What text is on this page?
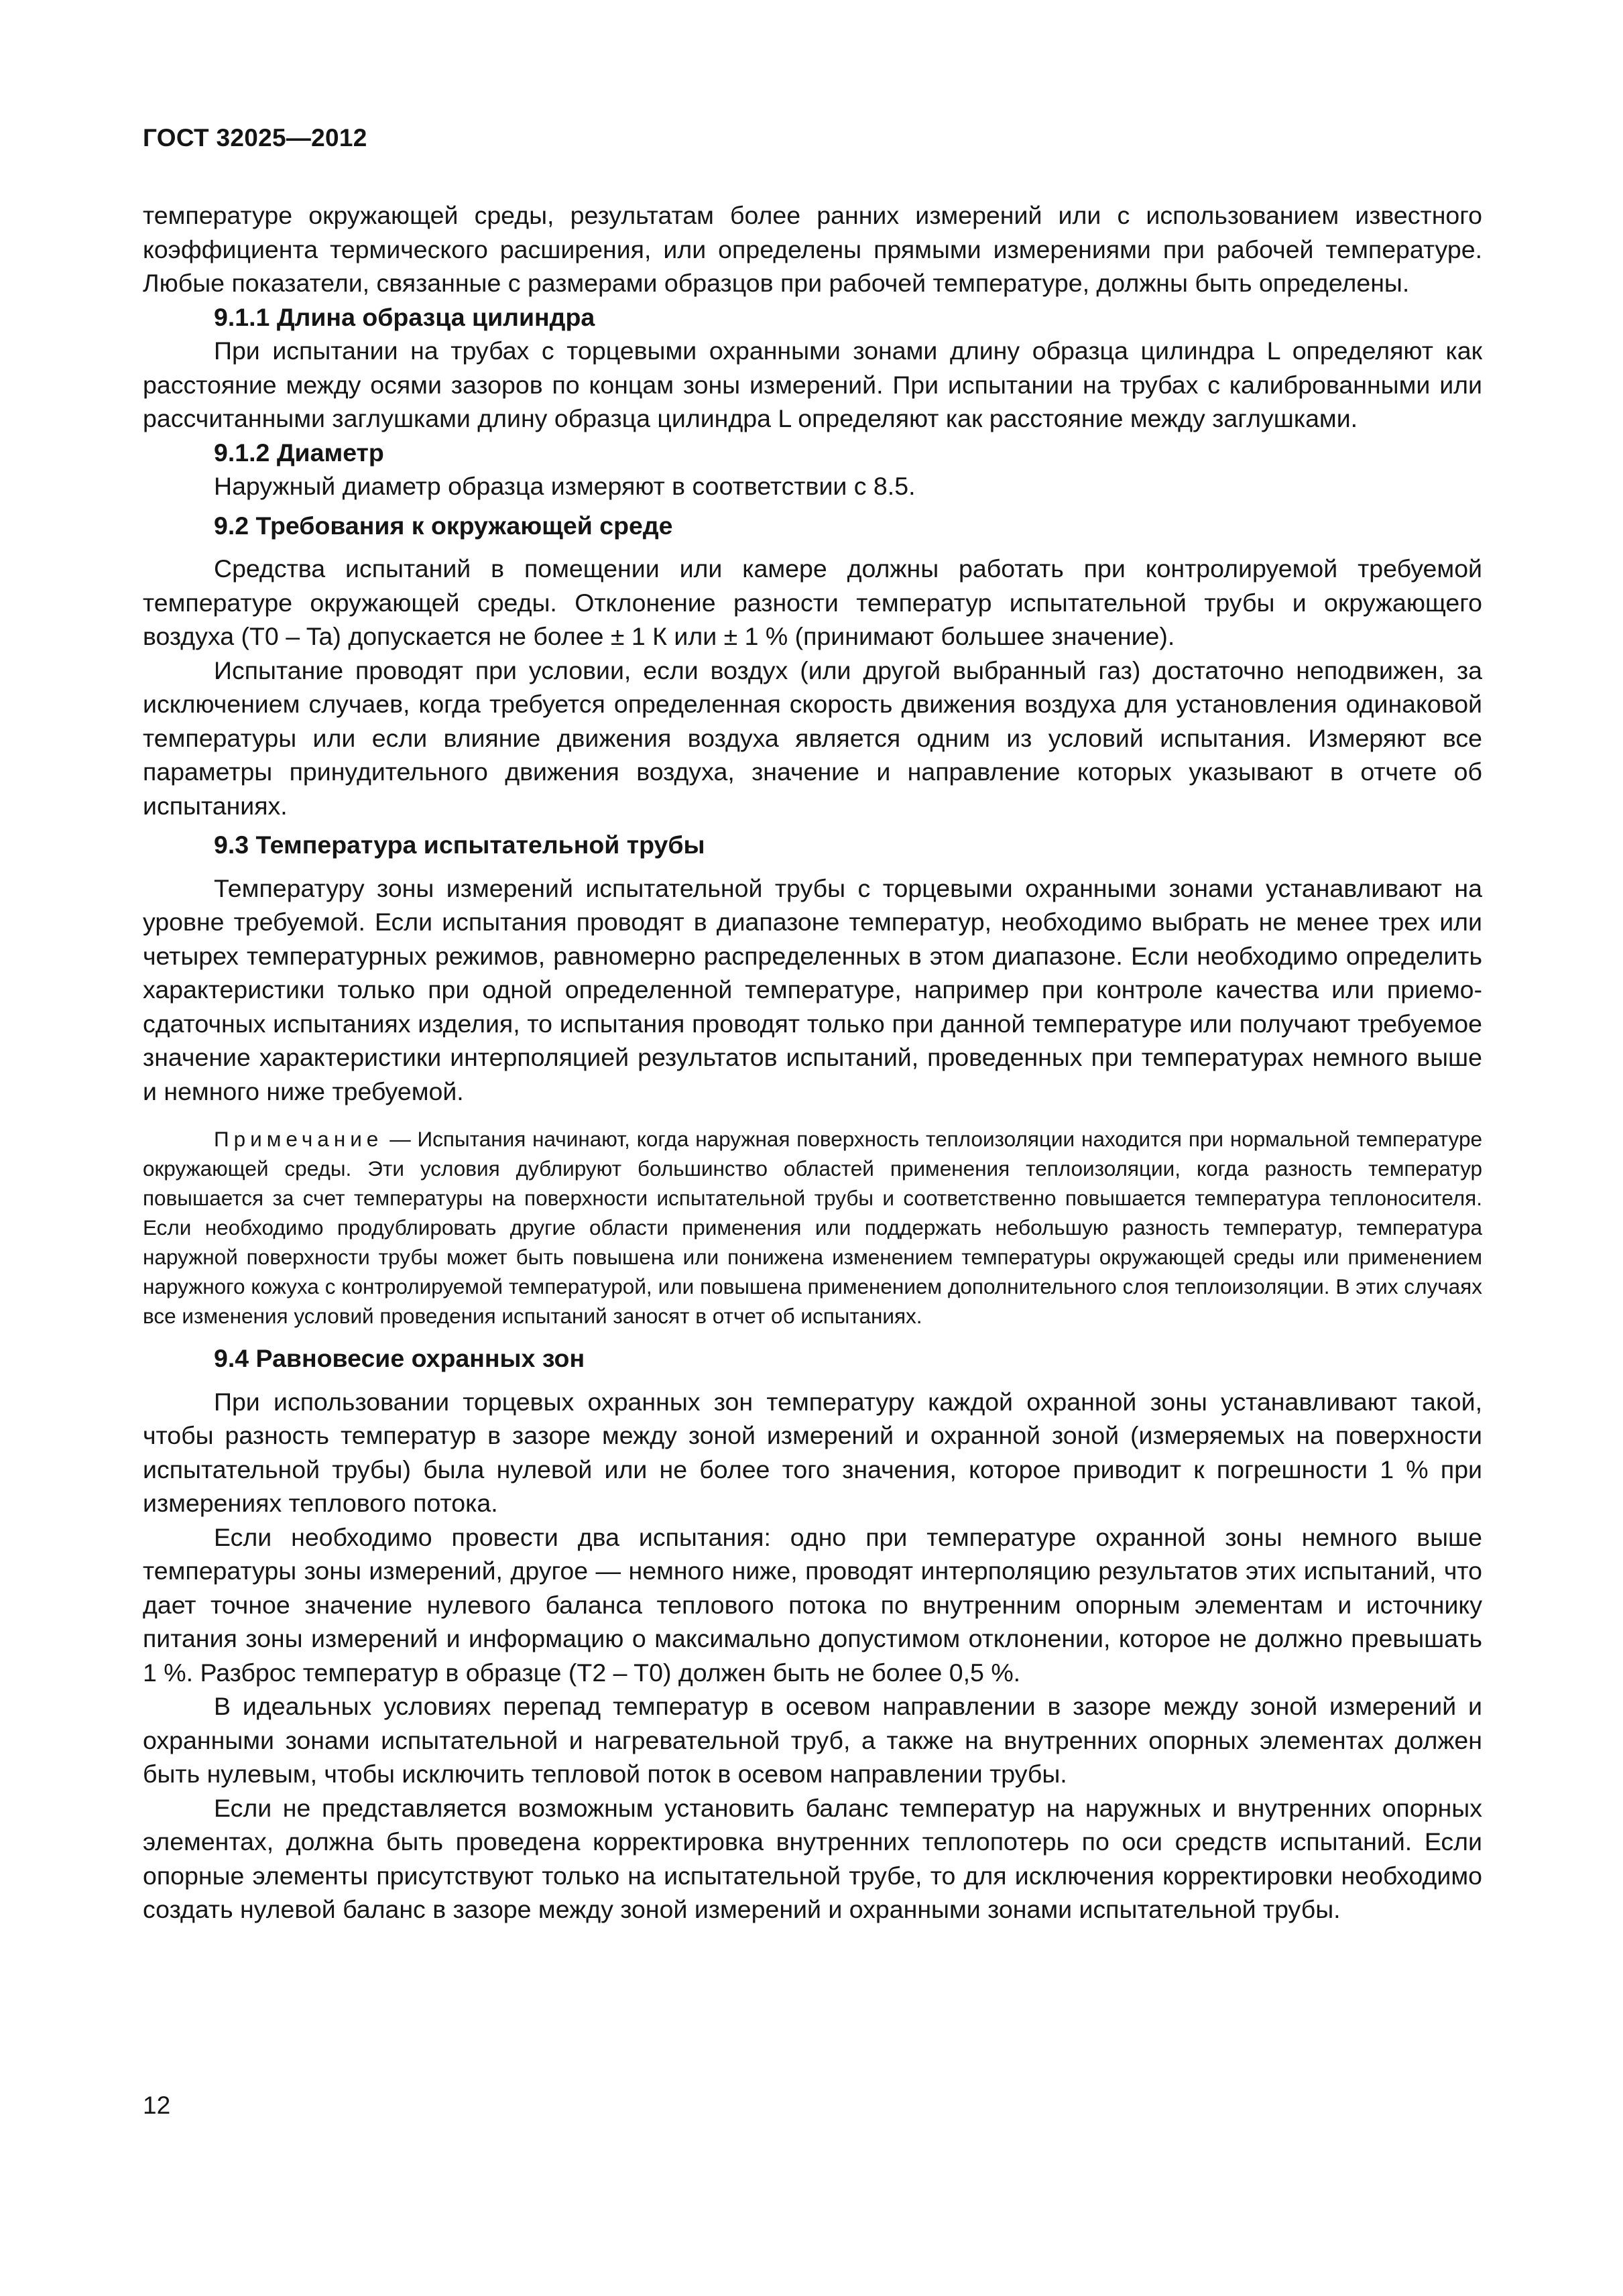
ГОСТ 32025—2012

температуре окружающей среды, результатам более ранних измерений или с использованием известного коэффициента термического расширения, или определены прямыми измерениями при рабочей температуре. Любые показатели, связанные с размерами образцов при рабочей температуре, должны быть определены.

9.1.1 Длина образца цилиндра

При испытании на трубах с торцевыми охранными зонами длину образца цилиндра L определяют как расстояние между осями зазоров по концам зоны измерений. При испытании на трубах с калиброванными или рассчитанными заглушками длину образца цилиндра L определяют как расстояние между заглушками.

9.1.2 Диаметр

Наружный диаметр образца измеряют в соответствии с 8.5.

9.2 Требования к окружающей среде

Средства испытаний в помещении или камере должны работать при контролируемой требуемой температуре окружающей среды. Отклонение разности температур испытательной трубы и окружающего воздуха (T0 – Ta) допускается не более ± 1 К или ± 1 % (принимают большее значение).

Испытание проводят при условии, если воздух (или другой выбранный газ) достаточно неподвижен, за исключением случаев, когда требуется определенная скорость движения воздуха для установления одинаковой температуры или если влияние движения воздуха является одним из условий испытания. Измеряют все параметры принудительного движения воздуха, значение и направление которых указывают в отчете об испытаниях.

9.3 Температура испытательной трубы

Температуру зоны измерений испытательной трубы с торцевыми охранными зонами устанавливают на уровне требуемой. Если испытания проводят в диапазоне температур, необходимо выбрать не менее трех или четырех температурных режимов, равномерно распределенных в этом диапазоне. Если необходимо определить характеристики только при одной определенной температуре, например при контроле качества или приемо-сдаточных испытаниях изделия, то испытания проводят только при данной температуре или получают требуемое значение характеристики интерполяцией результатов испытаний, проведенных при температурах немного выше и немного ниже требуемой.

Примечание — Испытания начинают, когда наружная поверхность теплоизоляции находится при нормальной температуре окружающей среды. Эти условия дублируют большинство областей применения теплоизоляции, когда разность температур повышается за счет температуры на поверхности испытательной трубы и соответственно повышается температура теплоносителя. Если необходимо продублировать другие области применения или поддержать небольшую разность температур, температура наружной поверхности трубы может быть повышена или понижена изменением температуры окружающей среды или применением наружного кожуха с контролируемой температурой, или повышена применением дополнительного слоя теплоизоляции. В этих случаях все изменения условий проведения испытаний заносят в отчет об испытаниях.

9.4 Равновесие охранных зон

При использовании торцевых охранных зон температуру каждой охранной зоны устанавливают такой, чтобы разность температур в зазоре между зоной измерений и охранной зоной (измеряемых на поверхности испытательной трубы) была нулевой или не более того значения, которое приводит к погрешности 1 % при измерениях теплового потока.

Если необходимо провести два испытания: одно при температуре охранной зоны немного выше температуры зоны измерений, другое — немного ниже, проводят интерполяцию результатов этих испытаний, что дает точное значение нулевого баланса теплового потока по внутренним опорным элементам и источнику питания зоны измерений и информацию о максимально допустимом отклонении, которое не должно превышать 1 %. Разброс температур в образце (T2 – T0) должен быть не более 0,5 %.

В идеальных условиях перепад температур в осевом направлении в зазоре между зоной измерений и охранными зонами испытательной и нагревательной труб, а также на внутренних опорных элементах должен быть нулевым, чтобы исключить тепловой поток в осевом направлении трубы.

Если не представляется возможным установить баланс температур на наружных и внутренних опорных элементах, должна быть проведена корректировка внутренних теплопотерь по оси средств испытаний. Если опорные элементы присутствуют только на испытательной трубе, то для исключения корректировки необходимо создать нулевой баланс в зазоре между зоной измерений и охранными зонами испытательной трубы.

12
